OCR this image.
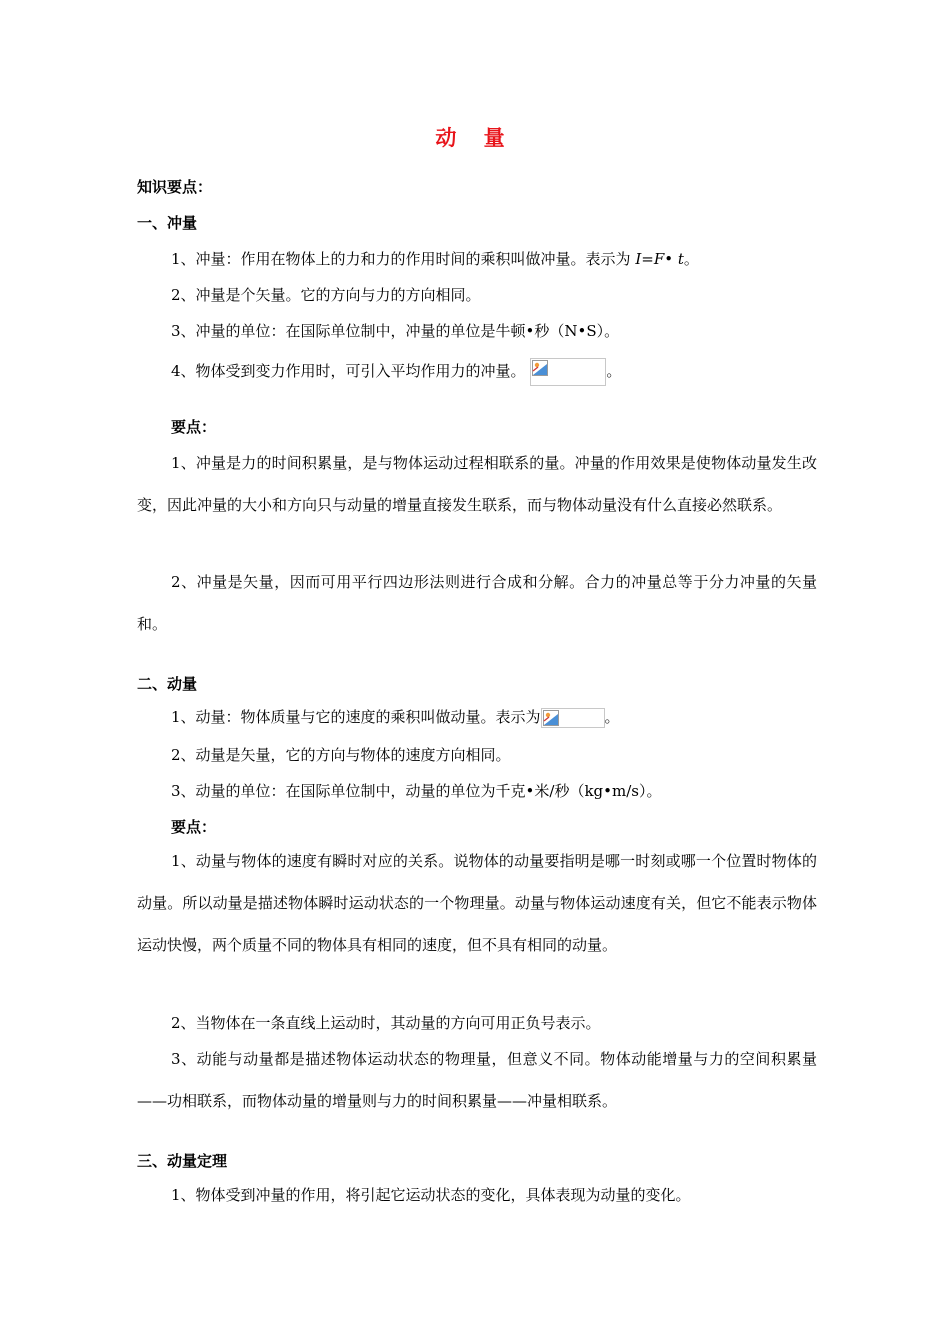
动 量
知识要点：
一、冲量
1、冲量：作用在物体上的力和力的作用时间的乘积叫做冲量。表示为 I=F• t。
2、冲量是个矢量。它的方向与力的方向相同。
3、冲量的单位：在国际单位制中，冲量的单位是牛顿•秒（N•S）。
4、物体受到变力作用时，可引入平均作用力的冲量。	。
要点：
1、冲量是力的时间积累量，是与物体运动过程相联系的量。冲量的作用效果是使物体动量发生改变，因此冲量的大小和方向只与动量的增量直接发生联系，而与物体动量没有什么直接必然联系。
2、冲量是矢量，因而可用平行四边形法则进行合成和分解。合力的冲量总等于分力冲量的矢量和。
二、动量
1、动量：物体质量与它的速度的乘积叫做动量。表示为	。
2、动量是矢量，它的方向与物体的速度方向相同。
3、动量的单位：在国际单位制中，动量的单位为千克•米/秒（kg•m/s）。
要点：
1、动量与物体的速度有瞬时对应的关系。说物体的动量要指明是哪一时刻或哪一个位置时物体的动量。所以动量是描述物体瞬时运动状态的一个物理量。动量与物体运动速度有关，但它不能表示物体运动快慢，两个质量不同的物体具有相同的速度，但不具有相同的动量。
2、当物体在一条直线上运动时，其动量的方向可用正负号表示。
3、动能与动量都是描述物体运动状态的物理量，但意义不同。物体动能增量与力的空间积累量——功相联系，而物体动量的增量则与力的时间积累量——冲量相联系。
三、动量定理
1、物体受到冲量的作用，将引起它运动状态的变化，具体表现为动量的变化。
